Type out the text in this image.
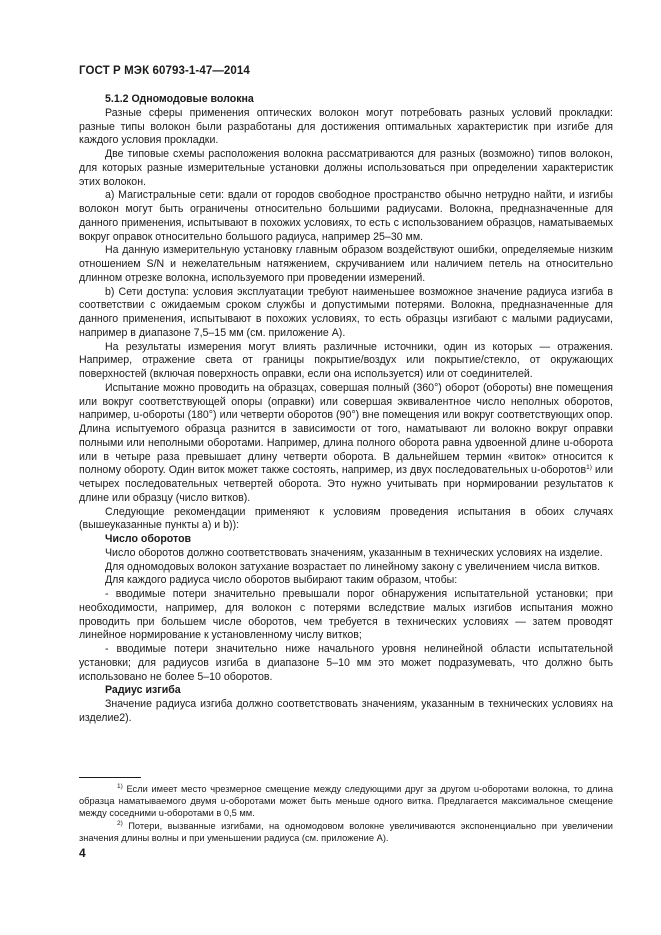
ГОСТ Р МЭК 60793-1-47—2014

5.1.2 Одномодовые волокна

Разные сферы применения оптических волокон могут потребовать разных условий прокладки: разные типы волокон были разработаны для достижения оптимальных характеристик при изгибе для каждого условия прокладки.

Две типовые схемы расположения волокна рассматриваются для разных (возможно) типов волокон, для которых разные измерительные установки должны использоваться при определении характеристик этих волокон.

а) Магистральные сети: вдали от городов свободное пространство обычно нетрудно найти, и изгибы волокон могут быть ограничены относительно большими радиусами. Волокна, предназначенные для данного применения, испытывают в похожих условиях, то есть с использованием образцов, наматываемых вокруг оправок относительно большого радиуса, например 25–30 мм.

На данную измерительную установку главным образом воздействуют ошибки, определяемые низким отношением S/N и нежелательным натяжением, скручиванием или наличием петель на относительно длинном отрезке волокна, используемого при проведении измерений.

b) Сети доступа: условия эксплуатации требуют наименьшее возможное значение радиуса изгиба в соответствии с ожидаемым сроком службы и допустимыми потерями. Волокна, предназначенные для данного применения, испытывают в похожих условиях, то есть образцы изгибают с малыми радиусами, например в диапазоне 7,5–15 мм (см. приложение А).

На результаты измерения могут влиять различные источники, один из которых — отражения. Например, отражение света от границы покрытие/воздух или покрытие/стекло, от окружающих поверхностей (включая поверхность оправки, если она используется) или от соединителей.

Испытание можно проводить на образцах, совершая полный (360°) оборот (обороты) вне помещения или вокруг соответствующей опоры (оправки) или совершая эквивалентное число неполных оборотов, например, u-обороты (180°) или четверти оборотов (90°) вне помещения или вокруг соответствующих опор. Длина испытуемого образца разнится в зависимости от того, наматывают ли волокно вокруг оправки полными или неполными оборотами. Например, длина полного оборота равна удвоенной длине u-оборота или в четыре раза превышает длину четверти оборота. В дальнейшем термин «виток» относится к полному обороту. Один виток может также состоять, например, из двух последовательных u-оборотов$^{1)}$ или четырех последовательных четвертей оборота. Это нужно учитывать при нормировании результатов к длине или образцу (число витков).

Следующие рекомендации применяют к условиям проведения испытания в обоих случаях (вышеуказанные пункты а) и b)):

Число оборотов

Число оборотов должно соответствовать значениям, указанным в технических условиях на изделие.

Для одномодовых волокон затухание возрастает по линейному закону с увеличением числа витков.

Для каждого радиуса число оборотов выбирают таким образом, чтобы:

- вводимые потери значительно превышали порог обнаружения испытательной установки; при необходимости, например, для волокон с потерями вследствие малых изгибов испытания можно проводить при большем числе оборотов, чем требуется в технических условиях — затем проводят линейное нормирование к установленному числу витков;

- вводимые потери значительно ниже начального уровня нелинейной области испытательной установки; для радиусов изгиба в диапазоне 5–10 мм это может подразумевать, что должно быть использовано не более 5–10 оборотов.

Радиус изгиба

Значение радиуса изгиба должно соответствовать значениям, указанным в технических условиях на изделие2).

$^{1)}$ Если имеет место чрезмерное смещение между следующими друг за другом u-оборотами волокна, то длина образца наматываемого двумя u-оборотами может быть меньше одного витка. Предлагается максимальное смещение между соседними u-оборотами в 0,5 мм.

$^{2)}$ Потери, вызванные изгибами, на одномодовом волокне увеличиваются экспоненциально при увеличении значения длины волны и при уменьшении радиуса (см. приложение А).

4
